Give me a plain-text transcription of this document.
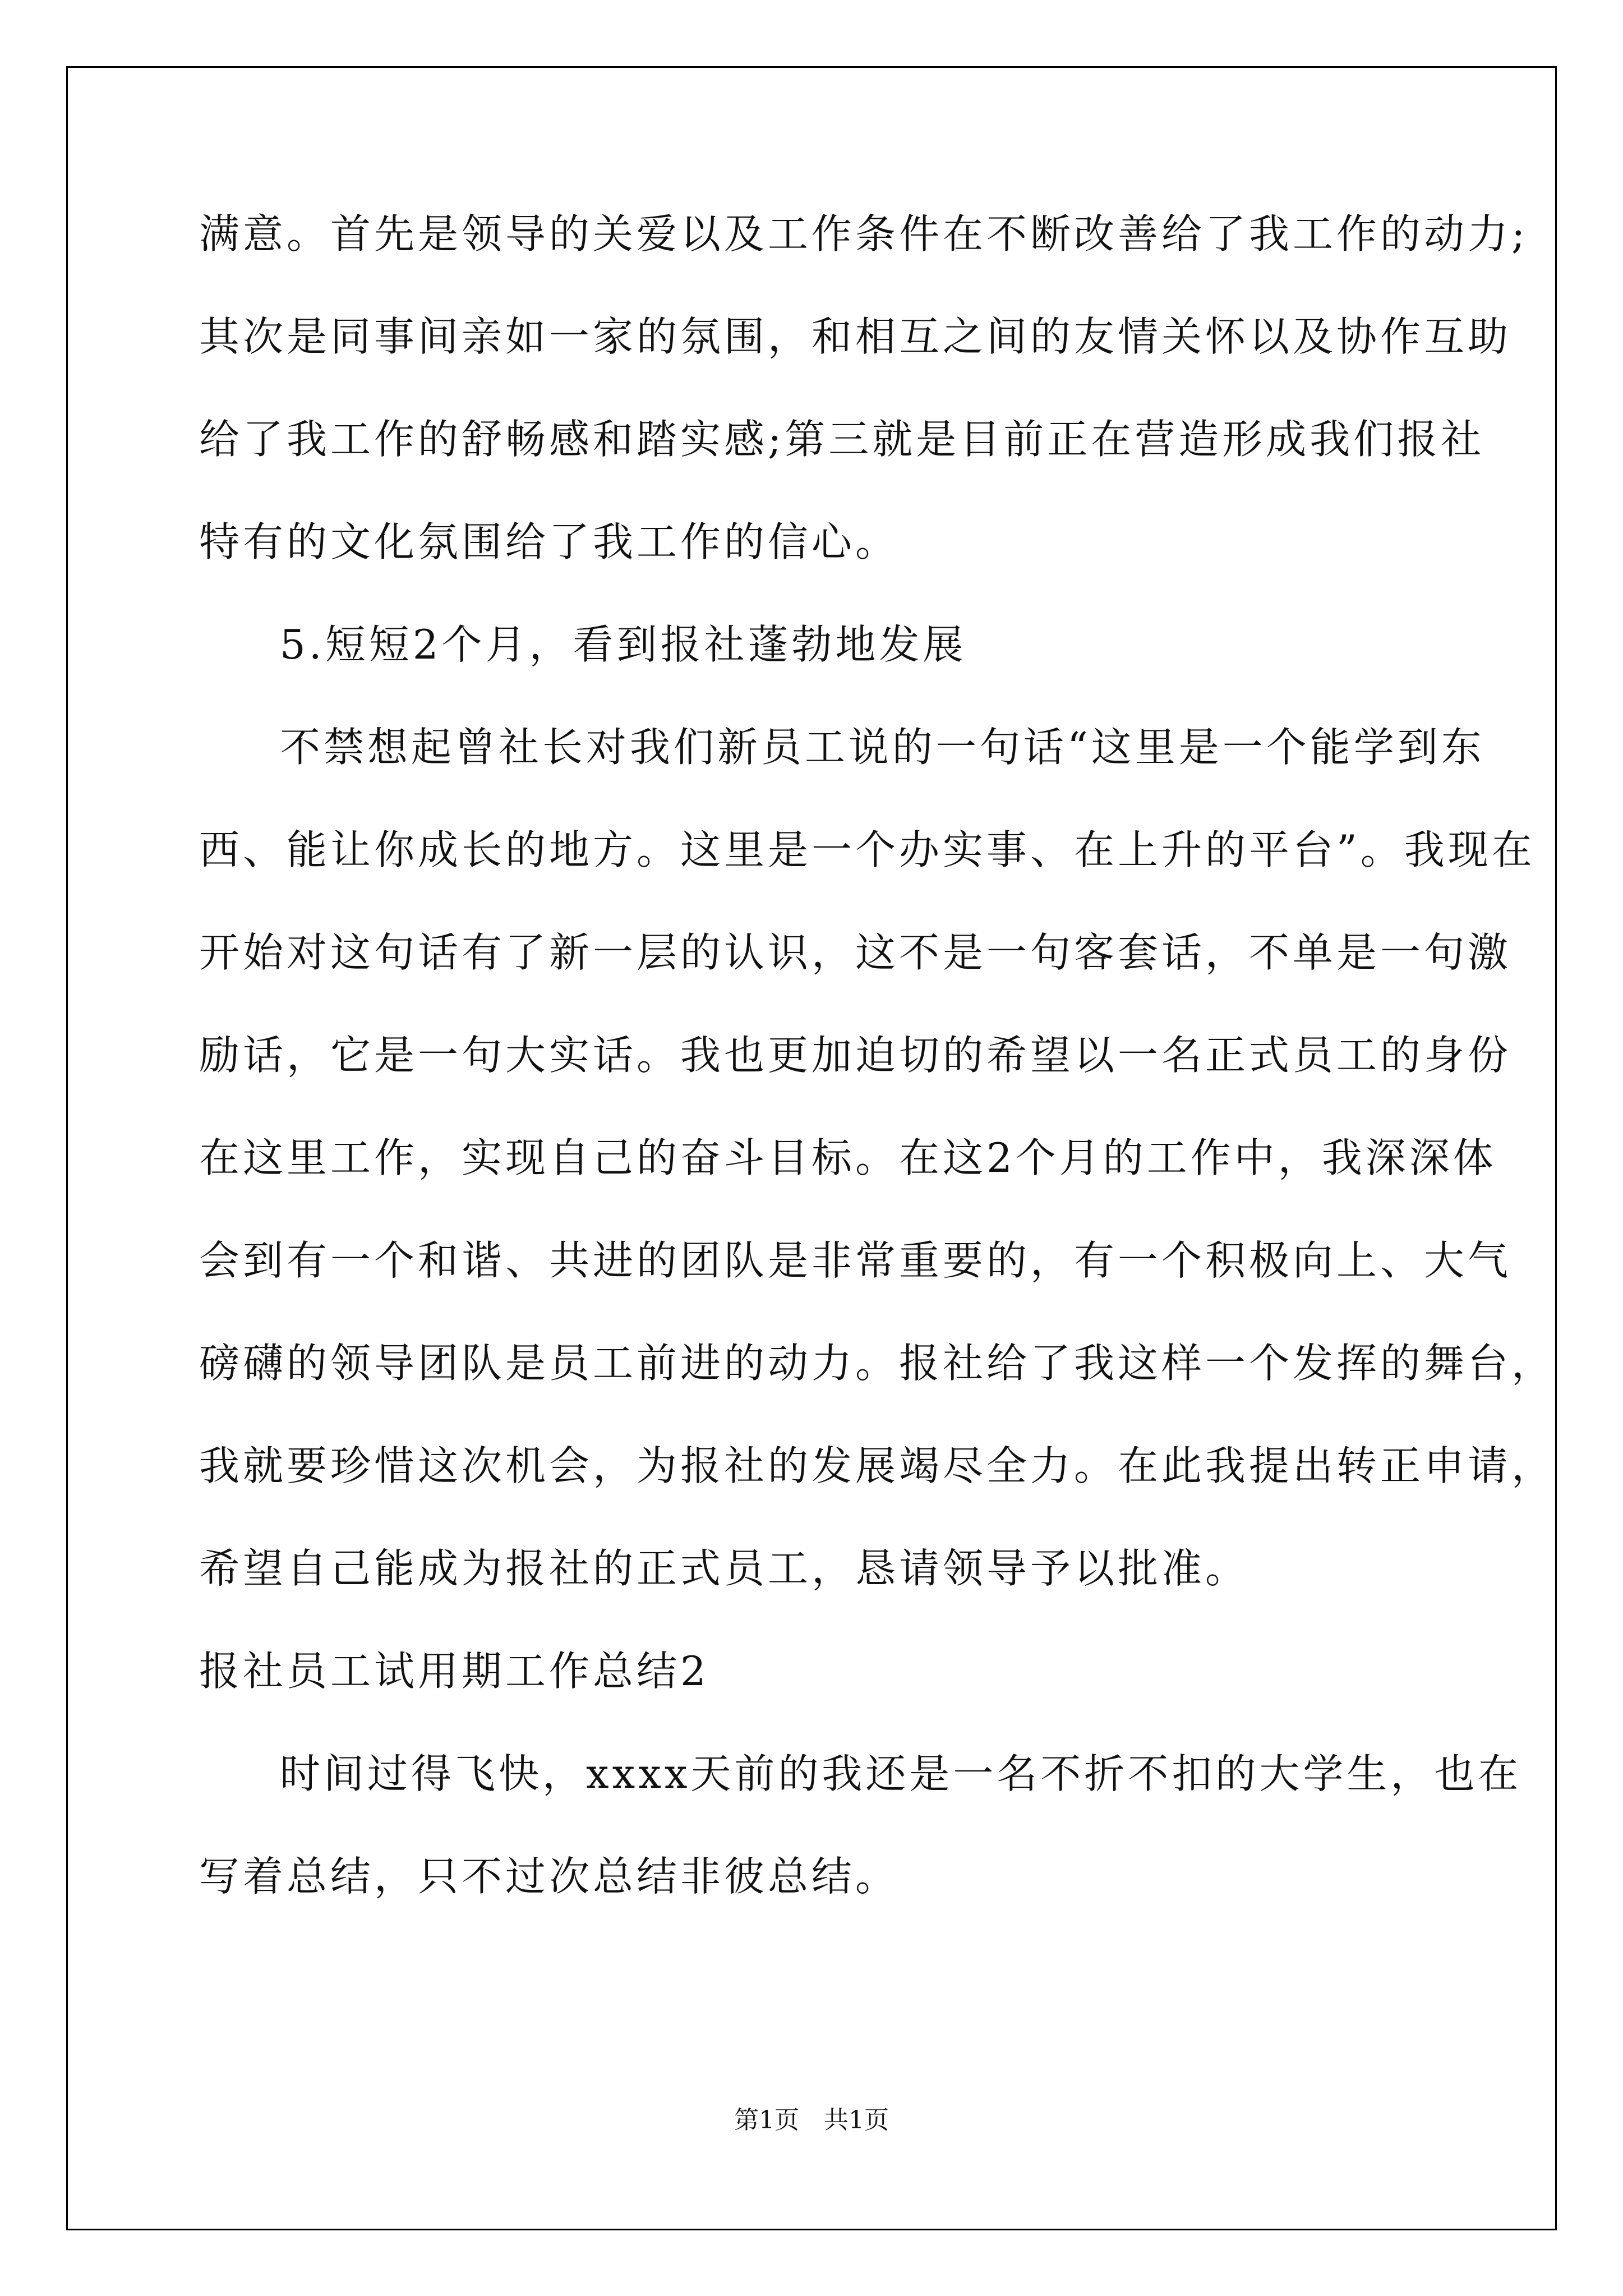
满意。首先是领导的关爱以及工作条件在不断改善给了我工作的动力;
其次是同事间亲如一家的氛围，和相互之间的友情关怀以及协作互助
给了我工作的舒畅感和踏实感;第三就是目前正在营造形成我们报社
特有的文化氛围给了我工作的信心。
5.短短2个月，看到报社蓬勃地发展
不禁想起曾社长对我们新员工说的一句话“这里是一个能学到东
西、能让你成长的地方。这里是一个办实事、在上升的平台”。我现在
开始对这句话有了新一层的认识，这不是一句客套话，不单是一句激
励话，它是一句大实话。我也更加迫切的希望以一名正式员工的身份
在这里工作，实现自己的奋斗目标。在这2个月的工作中，我深深体
会到有一个和谐、共进的团队是非常重要的，有一个积极向上、大气
磅礴的领导团队是员工前进的动力。报社给了我这样一个发挥的舞台，
我就要珍惜这次机会，为报社的发展竭尽全力。在此我提出转正申请，
希望自己能成为报社的正式员工，恳请领导予以批准。
报社员工试用期工作总结2
时间过得飞快，xxxx天前的我还是一名不折不扣的大学生，也在
写着总结，只不过次总结非彼总结。
第1页　共1页
